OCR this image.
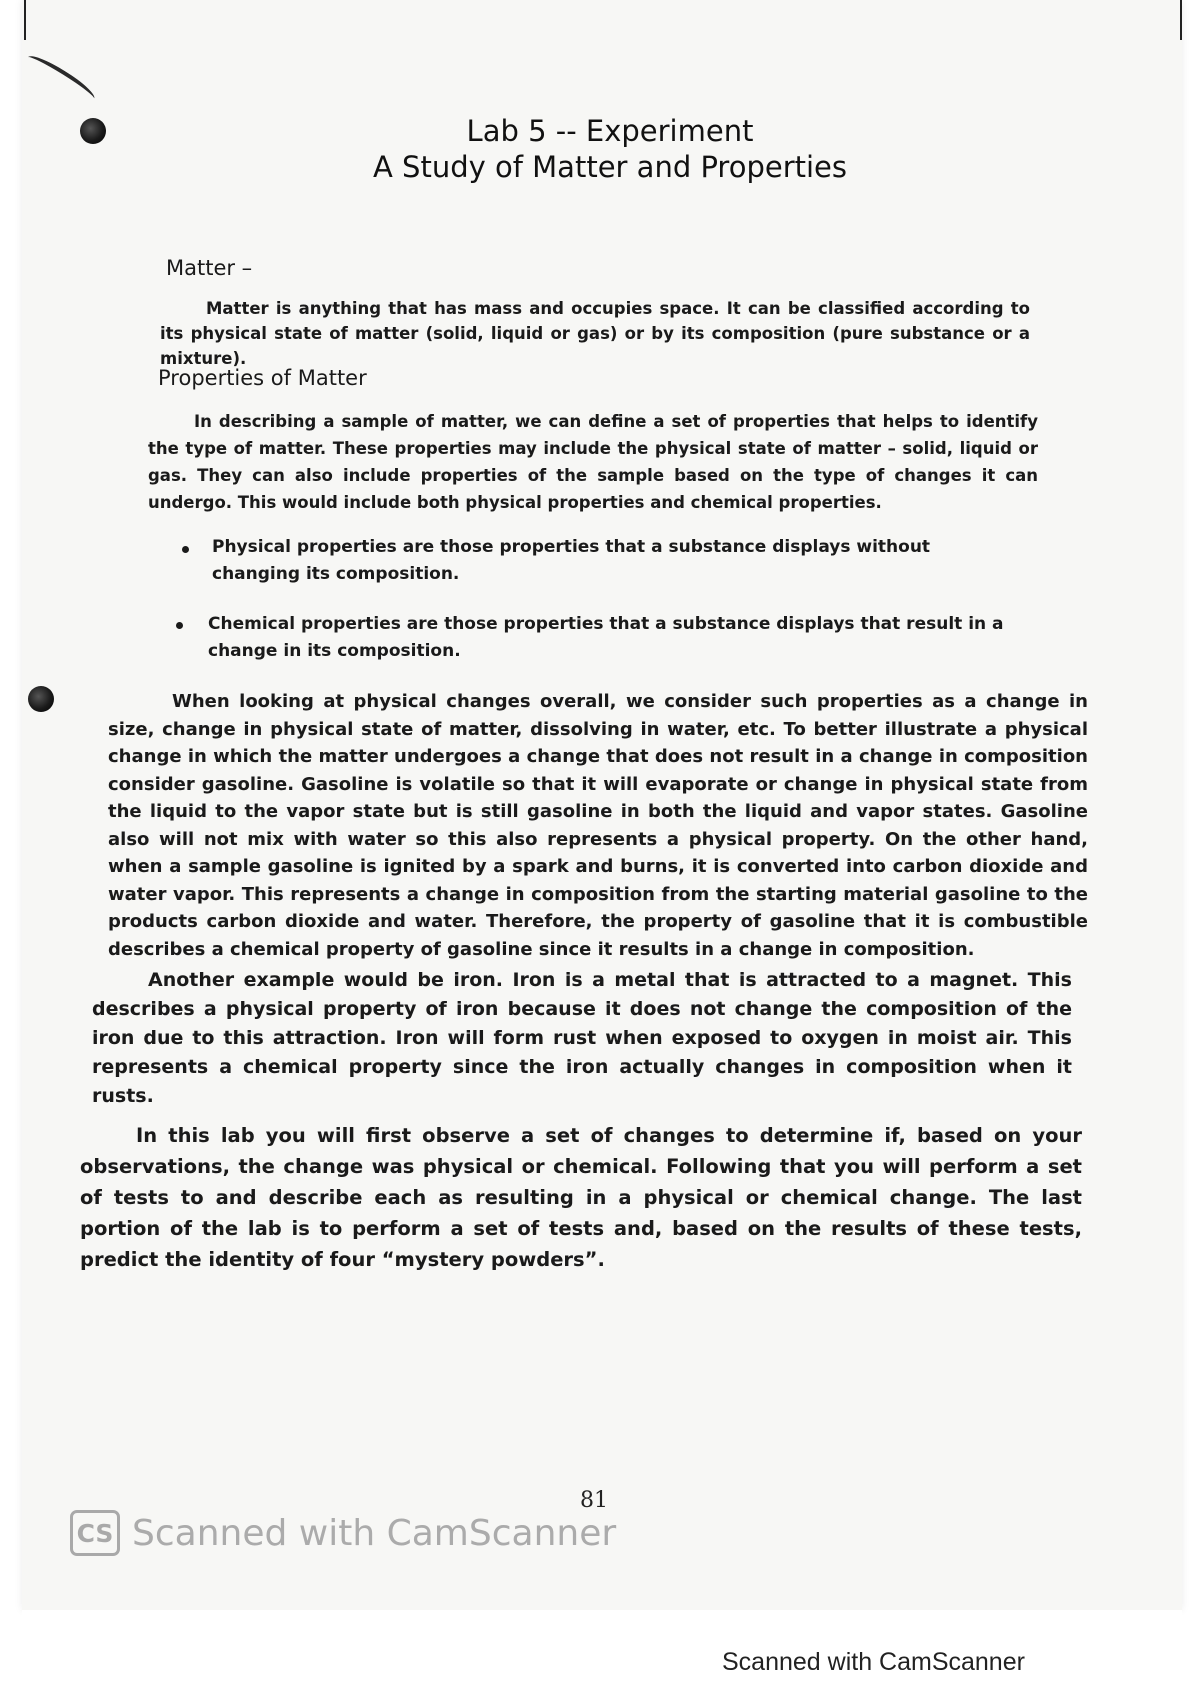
Lab 5 -- Experiment
A Study of Matter and Properties
Matter –
Matter is anything that has mass and occupies space. It can be classified according to its physical state of matter (solid, liquid or gas) or by its composition (pure substance or a mixture).
Properties of Matter
In describing a sample of matter, we can define a set of properties that helps to identify the type of matter. These properties may include the physical state of matter – solid, liquid or gas. They can also include properties of the sample based on the type of changes it can undergo. This would include both physical properties and chemical properties.
Physical properties are those properties that a substance displays without changing its composition.
Chemical properties are those properties that a substance displays that result in a change in its composition.
When looking at physical changes overall, we consider such properties as a change in size, change in physical state of matter, dissolving in water, etc. To better illustrate a physical change in which the matter undergoes a change that does not result in a change in composition consider gasoline. Gasoline is volatile so that it will evaporate or change in physical state from the liquid to the vapor state but is still gasoline in both the liquid and vapor states. Gasoline also will not mix with water so this also represents a physical property. On the other hand, when a sample gasoline is ignited by a spark and burns, it is converted into carbon dioxide and water vapor. This represents a change in composition from the starting material gasoline to the products carbon dioxide and water. Therefore, the property of gasoline that it is combustible describes a chemical property of gasoline since it results in a change in composition.
Another example would be iron. Iron is a metal that is attracted to a magnet. This describes a physical property of iron because it does not change the composition of the iron due to this attraction. Iron will form rust when exposed to oxygen in moist air. This represents a chemical property since the iron actually changes in composition when it rusts.
In this lab you will first observe a set of changes to determine if, based on your observations, the change was physical or chemical. Following that you will perform a set of tests to and describe each as resulting in a physical or chemical change. The last portion of the lab is to perform a set of tests and, based on the results of these tests, predict the identity of four “mystery powders”.
81
CS Scanned with CamScanner
Scanned with CamScanner
